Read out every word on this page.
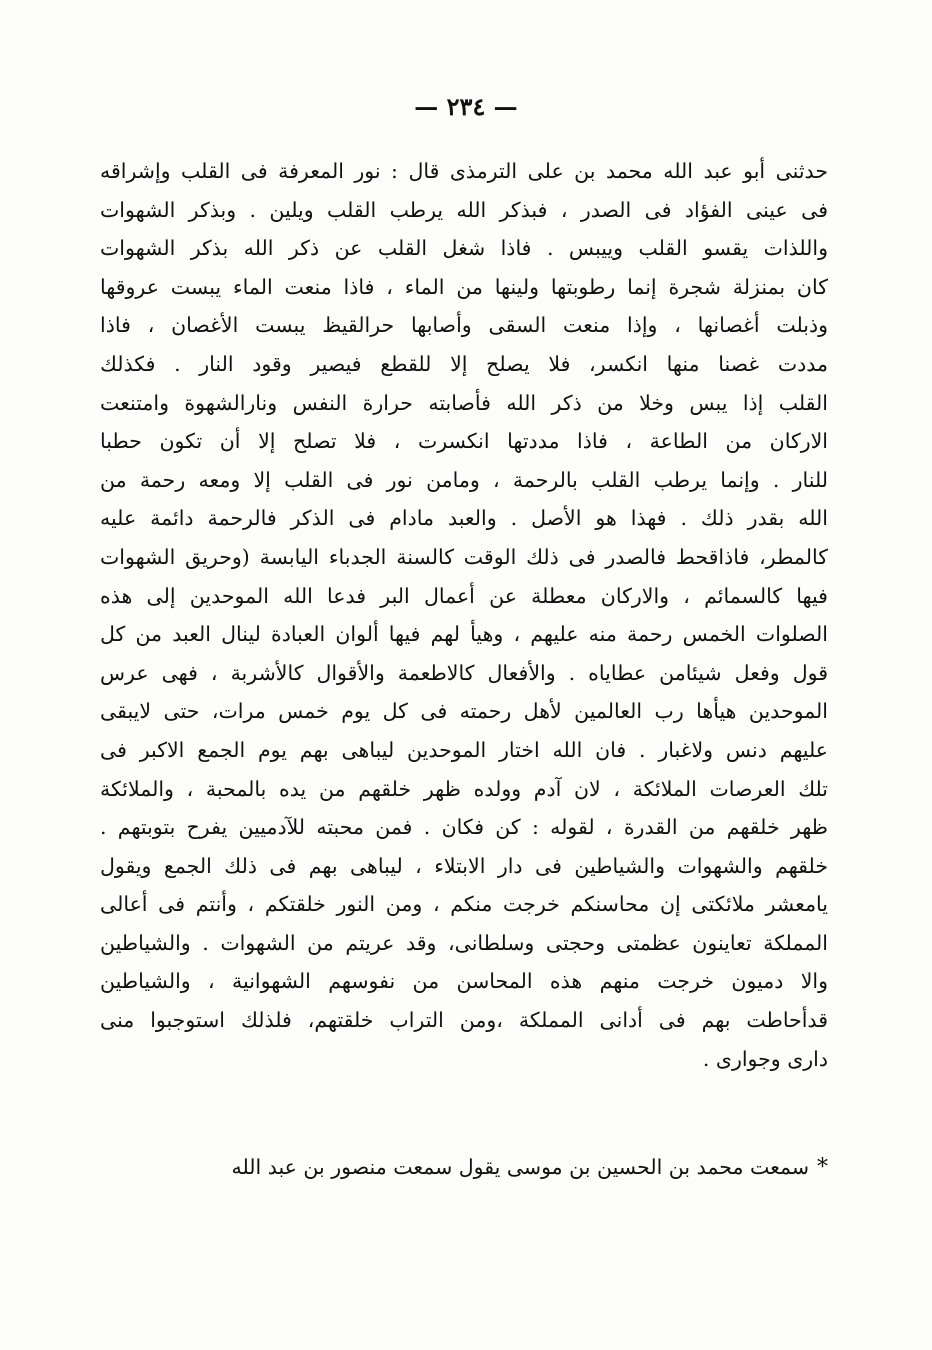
— ٢٣٤ —
حدثنى أبو عبد الله محمد بن على الترمذى قال : نور المعرفة فى القلب وإشراقه
فى عينى الفؤاد فى الصدر ، فبذكر الله يرطب القلب ويلين . وبذكر الشهوات
واللذات يقسو القلب وييبس . فاذا شغل القلب عن ذكر الله بذكر الشهوات
كان بمنزلة شجرة إنما رطوبتها ولينها من الماء ، فاذا منعت الماء يبست عروقها
وذبلت أغصانها ، وإذا منعت السقى وأصابها حرالقيظ يبست الأغصان ، فاذا
مددت غصنا منها انكسر، فلا يصلح إلا للقطع فيصير وقود النار . فكذلك
القلب إذا يبس وخلا من ذكر الله فأصابته حرارة النفس ونارالشهوة وامتنعت
الاركان من الطاعة ، فاذا مددتها انكسرت ، فلا تصلح إلا أن تكون حطبا
للنار . وإنما يرطب القلب بالرحمة ، ومامن نور فى القلب إلا ومعه رحمة من
الله بقدر ذلك . فهذا هو الأصل . والعبد مادام فى الذكر فالرحمة دائمة عليه
كالمطر، فاذاقحط فالصدر فى ذلك الوقت كالسنة الجدباء اليابسة (وحريق الشهوات
فيها كالسمائم ، والاركان معطلة عن أعمال البر فدعا الله الموحدين إلى هذه
الصلوات الخمس رحمة منه عليهم ، وهيأ لهم فيها ألوان العبادة لينال العبد من كل
قول وفعل شيئامن عطاياه . والأفعال كالاطعمة والأقوال كالأشربة ، فهى عرس
الموحدين هيأها رب العالمين لأهل رحمته فى كل يوم خمس مرات، حتى لايبقى
عليهم دنس ولاغبار . فان الله اختار الموحدين ليباهى بهم يوم الجمع الاكبر فى
تلك العرصات الملائكة ، لان آدم وولده ظهر خلقهم من يده بالمحبة ، والملائكة
ظهر خلقهم من القدرة ، لقوله : كن فكان . فمن محبته للآدميين يفرح بتوبتهم .
خلقهم والشهوات والشياطين فى دار الابتلاء ، ليباهى بهم فى ذلك الجمع ويقول
يامعشر ملائكتى إن محاسنكم خرجت منكم ، ومن النور خلقتكم ، وأنتم فى أعالى
المملكة تعاينون عظمتى وحجتى وسلطانى، وقد عريتم من الشهوات . والشياطين
والا دميون خرجت منهم هذه المحاسن من نفوسهم الشهوانية ، والشياطين
قدأحاطت بهم فى أدانى المملكة ،ومن التراب خلقتهم، فلذلك استوجبوا منى
دارى وجوارى .
*سمعت محمد بن الحسين بن موسى يقول سمعت منصور بن عبد الله
